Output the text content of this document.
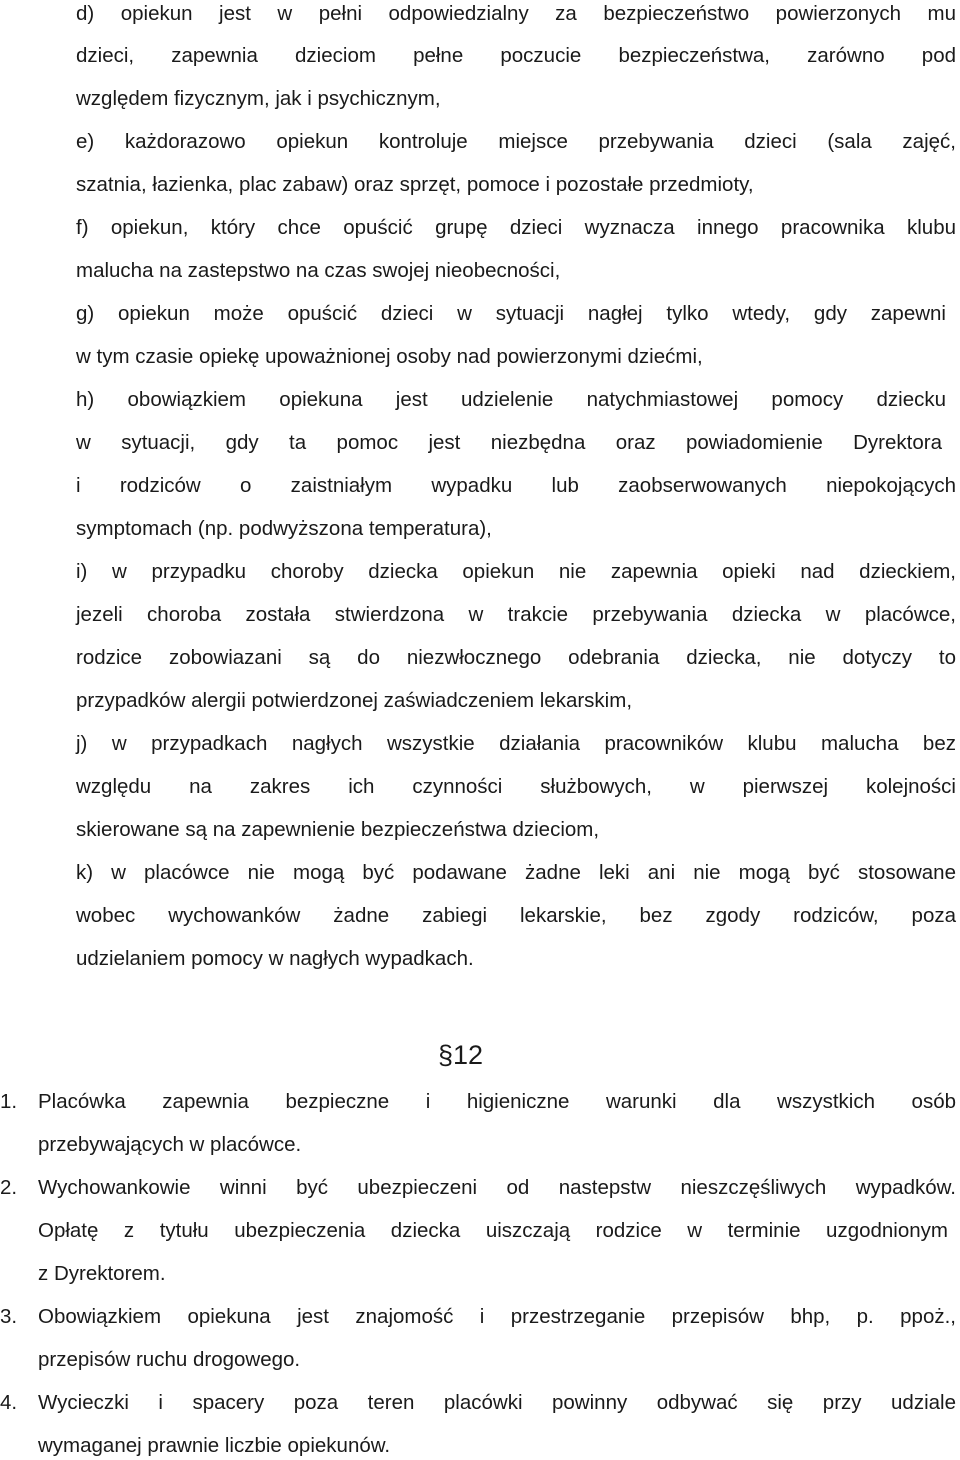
d) opiekun jest w pełni odpowiedzialny za bezpieczeństwo powierzonych mu
dzieci, zapewnia dzieciom pełne poczucie bezpieczeństwa, zarówno pod
względem fizycznym, jak i psychicznym,
e) każdorazowo opiekun kontroluje miejsce przebywania dzieci (sala zajęć,
szatnia, łazienka, plac zabaw) oraz sprzęt, pomoce i pozostałe przedmioty,
f) opiekun, który chce opuścić grupę dzieci wyznacza innego pracownika klubu
malucha na zastepstwo na czas swojej nieobecności,
g) opiekun może opuścić dzieci w sytuacji nagłej tylko wtedy, gdy zapewni
w tym czasie opiekę upoważnionej osoby nad powierzonymi dziećmi,
h) obowiązkiem opiekuna jest udzielenie natychmiastowej pomocy dziecku
w sytuacji, gdy ta pomoc jest niezbędna oraz powiadomienie Dyrektora
i rodziców o zaistniałym wypadku lub zaobserwowanych niepokojących
symptomach (np. podwyższona temperatura),
i) w przypadku choroby dziecka opiekun nie zapewnia opieki nad dzieckiem,
jezeli choroba została stwierdzona w trakcie przebywania dziecka w placówce,
rodzice zobowiazani są do niezwłocznego odebrania dziecka, nie dotyczy to
przypadków alergii potwierdzonej zaświadczeniem lekarskim,
j) w przypadkach nagłych wszystkie działania pracowników klubu malucha bez
względu na zakres ich czynności służbowych, w pierwszej kolejności
skierowane są na zapewnienie bezpieczeństwa dzieciom,
k) w placówce nie mogą być podawane żadne leki ani nie mogą być stosowane
wobec wychowanków żadne zabiegi lekarskie, bez zgody rodziców, poza
udzielaniem pomocy w nagłych wypadkach.
§12
1.	Placówka zapewnia bezpieczne i higieniczne warunki dla wszystkich osób
przebywających w placówce.
2.	Wychowankowie winni być ubezpieczeni od nastepstw nieszczęśliwych wypadków.
Opłatę z tytułu ubezpieczenia dziecka uiszczają rodzice w terminie uzgodnionym
z Dyrektorem.
3.	Obowiązkiem opiekuna jest znajomość i przestrzeganie przepisów bhp, p. ppoż.,
przepisów ruchu drogowego.
4.	Wycieczki i spacery poza teren placówki powinny odbywać się przy udziale
wymaganej prawnie liczbie opiekunów.
